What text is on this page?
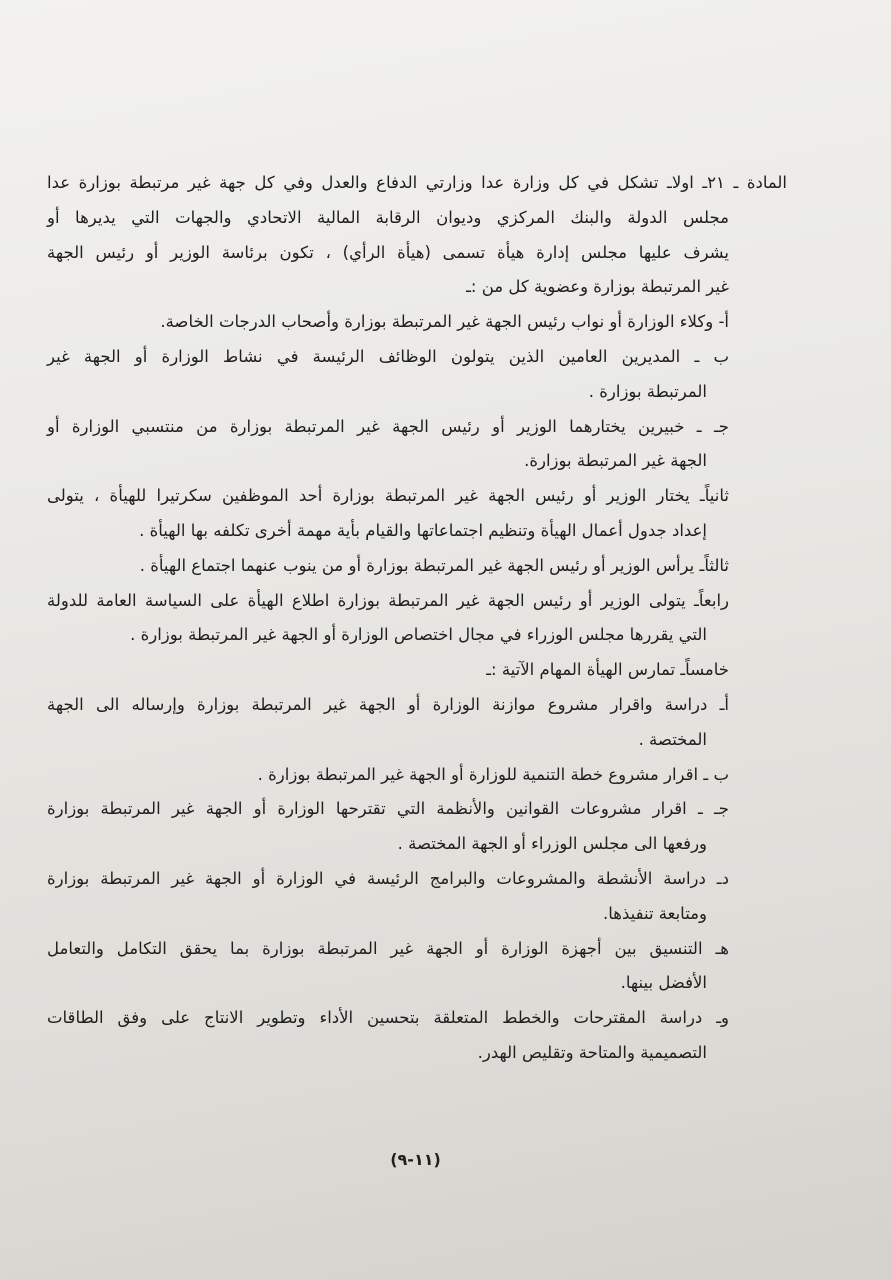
المادة ـ ٢١ـ اولاـ تشكل في كل وزارة عدا وزارتي الدفاع والعدل وفي كل جهة غير مرتبطة بوزارة عدا
مجلس الدولة والبنك المركزي وديوان الرقابة المالية الاتحادي والجهات التي يديرها أو
يشرف عليها مجلس إدارة هيأة تسمى (هيأة الرأي) ، تكون برئاسة الوزير أو رئيس الجهة
غير المرتبطة بوزارة وعضوية كل من :ـ
أ- وكلاء الوزارة أو نواب رئيس الجهة غير المرتبطة بوزارة وأصحاب الدرجات الخاصة.
ب ـ المديرين العامين الذين يتولون الوظائف الرئيسة في نشاط الوزارة أو الجهة غير
المرتبطة بوزارة .
جـ ـ خبيرين يختارهما الوزير أو رئيس الجهة غير المرتبطة بوزارة من منتسبي الوزارة أو
الجهة غير المرتبطة بوزارة.
ثانياًـ يختار الوزير أو رئيس الجهة غير المرتبطة بوزارة أحد الموظفين سكرتيرا للهيأة ، يتولى
إعداد جدول أعمال الهيأة وتنظيم اجتماعاتها والقيام بأية مهمة أخرى تكلفه بها الهيأة .
ثالثاًـ يرأس الوزير أو رئيس الجهة غير المرتبطة بوزارة أو من ينوب عنهما اجتماع الهيأة .
رابعاًـ يتولى الوزير أو رئيس الجهة غير المرتبطة بوزارة اطلاع الهيأة على السياسة العامة للدولة
التي يقررها مجلس الوزراء في مجال اختصاص الوزارة أو الجهة غير المرتبطة بوزارة .
خامساًـ تمارس الهيأة المهام الآتية :ـ
أـ دراسة واقرار مشروع موازنة الوزارة أو الجهة غير المرتبطة بوزارة وإرساله الى الجهة
المختصة .
ب ـ اقرار مشروع خطة التنمية للوزارة أو الجهة غير المرتبطة بوزارة .
جـ ـ اقرار مشروعات القوانين والأنظمة التي تقترحها الوزارة أو الجهة غير المرتبطة بوزارة
ورفعها الى مجلس الوزراء أو الجهة المختصة .
دـ دراسة الأنشطة والمشروعات والبرامج الرئيسة في الوزارة أو الجهة غير المرتبطة بوزارة
ومتابعة تنفيذها.
هـ التنسيق بين أجهزة الوزارة أو الجهة غير المرتبطة بوزارة بما يحقق التكامل والتعامل
الأفضل بينها.
وـ دراسة المقترحات والخطط المتعلقة بتحسين الأداء وتطوير الانتاج على وفق الطاقات
التصميمية والمتاحة وتقليص الهدر.
(١١-٩)
